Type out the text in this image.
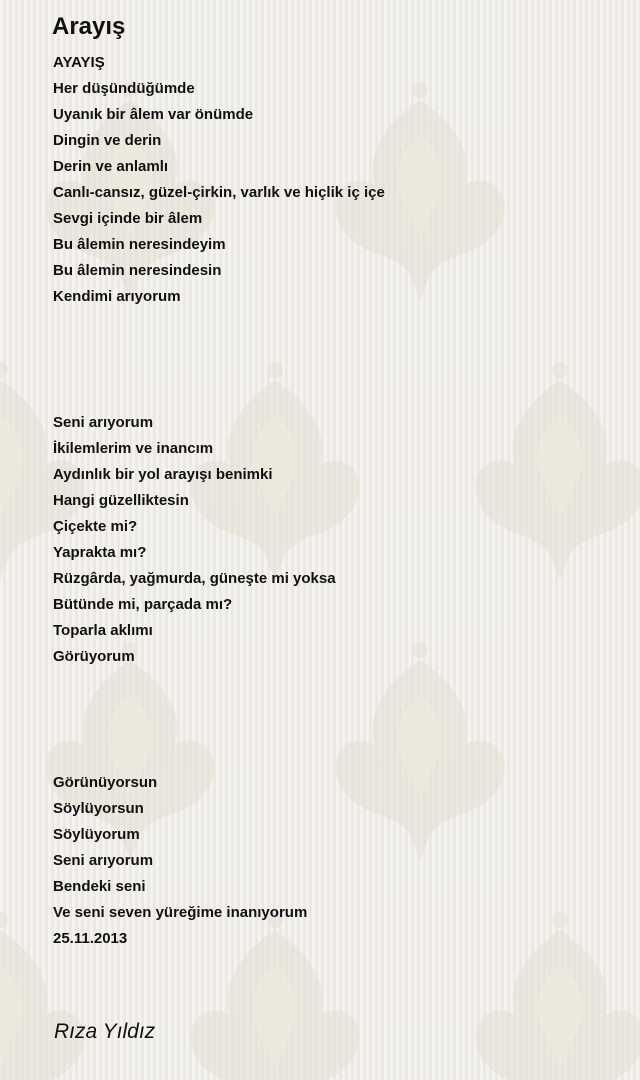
Arayış
AYAYIŞ
Her düşündüğümde
Uyanık bir âlem var önümde
Dingin ve derin
Derin ve anlamlı
Canlı-cansız, güzel-çirkin, varlık ve hiçlik iç içe
Sevgi içinde bir âlem
Bu âlemin neresindeyim
Bu âlemin neresindesin
Kendimi arıyorum
Seni arıyorum
İkilemlerim ve inancım
Aydınlık bir yol arayışı benimki
Hangi güzelliktesin
Çiçekte mi?
Yaprakta mı?
Rüzgârda, yağmurda, güneşte mi yoksa
Bütünde mi, parçada mı?
Toparla aklımı
Görüyorum
Görünüyorsun
Söylüyorsun
Söylüyorum
Seni arıyorum
Bendeki seni
Ve seni seven yüreğime inanıyorum
25.11.2013
Rıza Yıldız
